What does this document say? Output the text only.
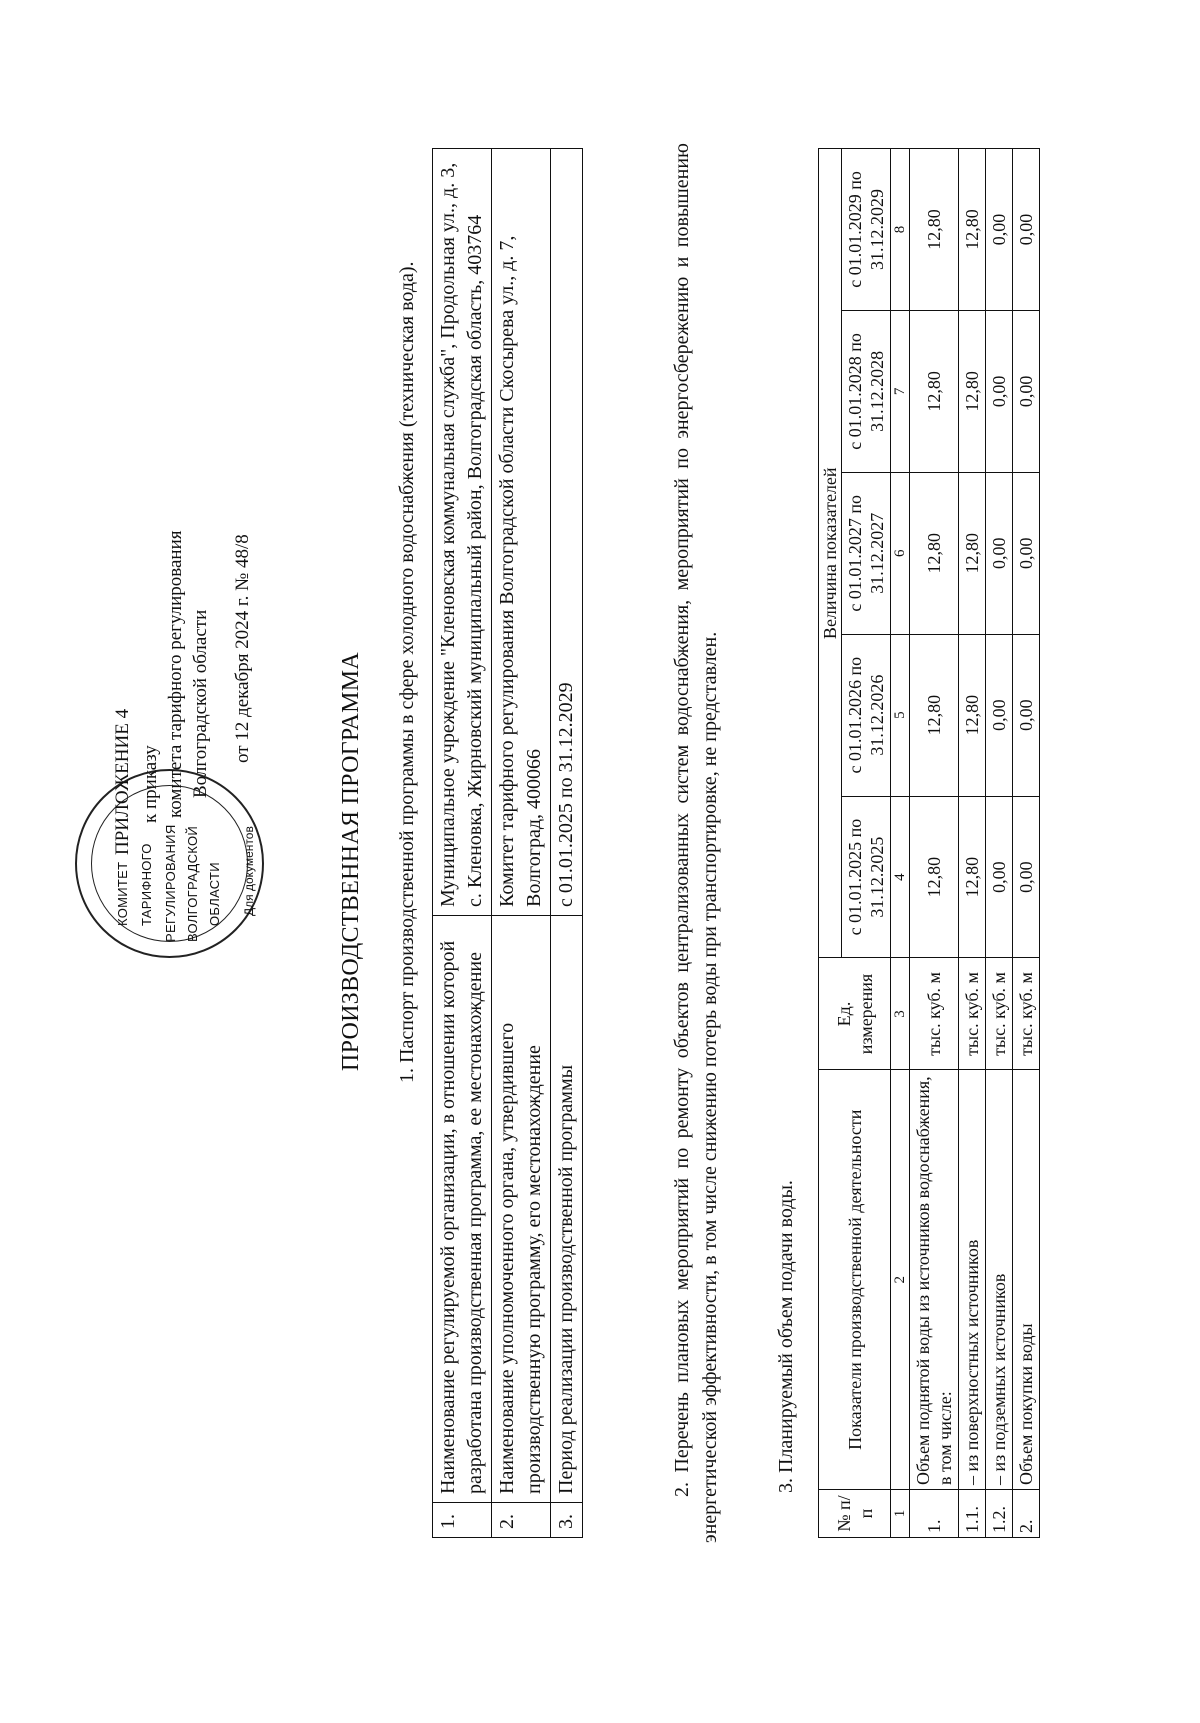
КОМИТЕТ ТАРИФНОГО РЕГУЛИРОВАНИЯ ВОЛГОГРАДСКОЙ ОБЛАСТИ Для документов
ПРИЛОЖЕНИЕ 4 к приказу комитета тарифного регулирования Волгоградской области от 12 декабря 2024 г. № 48/8
ПРОИЗВОДСТВЕННАЯ ПРОГРАММА 1. Паспорт производственной программы в сфере холодного водоснабжения (техническая вода).
1.	Наименование регулируемой организации, в отношении которой разработана производственная программа, ее местонахождение	Муниципальное учреждение "Кленовская коммунальная служба", Продольная ул., д. 3, с. Кленовка, Жирновский муниципальный район, Волгоградская область, 403764
2.	Наименование уполномоченного органа, утвердившего производственную программу, его местонахождение	Комитет тарифного регулирования Волгоградской области Скосырева ул., д. 7, Волгоград, 400066
3.	Период реализации производственной программы	с 01.01.2025 по 31.12.2029	2. Перечень плановых мероприятий по ремонту объектов централизованных систем водоснабжения, мероприятий по энергосбережению и повышению энергетической эффективности, в том числе снижению потерь воды при транспортировке, не представлен.	3. Планируемый объем подачи воды.
№ п/п	Показатели производственной деятельности	Ед. измерения	Величина показателей				
			с 01.01.2025 по 31.12.2025	с 01.01.2026 по 31.12.2026	с 01.01.2027 по 31.12.2027	с 01.01.2028 по 31.12.2028	с 01.01.2029 по 31.12.2029
1	2	3	4	5	6	7	8
1.	Объем поднятой воды из источников водоснабжения, в том числе:	тыс. куб. м	12,80	12,80	12,80	12,80	12,80
1.1.	– из поверхностных источников	тыс. куб. м	12,80	12,80	12,80	12,80	12,80
1.2.	– из подземных источников	тыс. куб. м	0,00	0,00	0,00	0,00	0,00
2.	Объем покупки воды	тыс. куб. м	0,00	0,00	0,00	0,00	0,00
